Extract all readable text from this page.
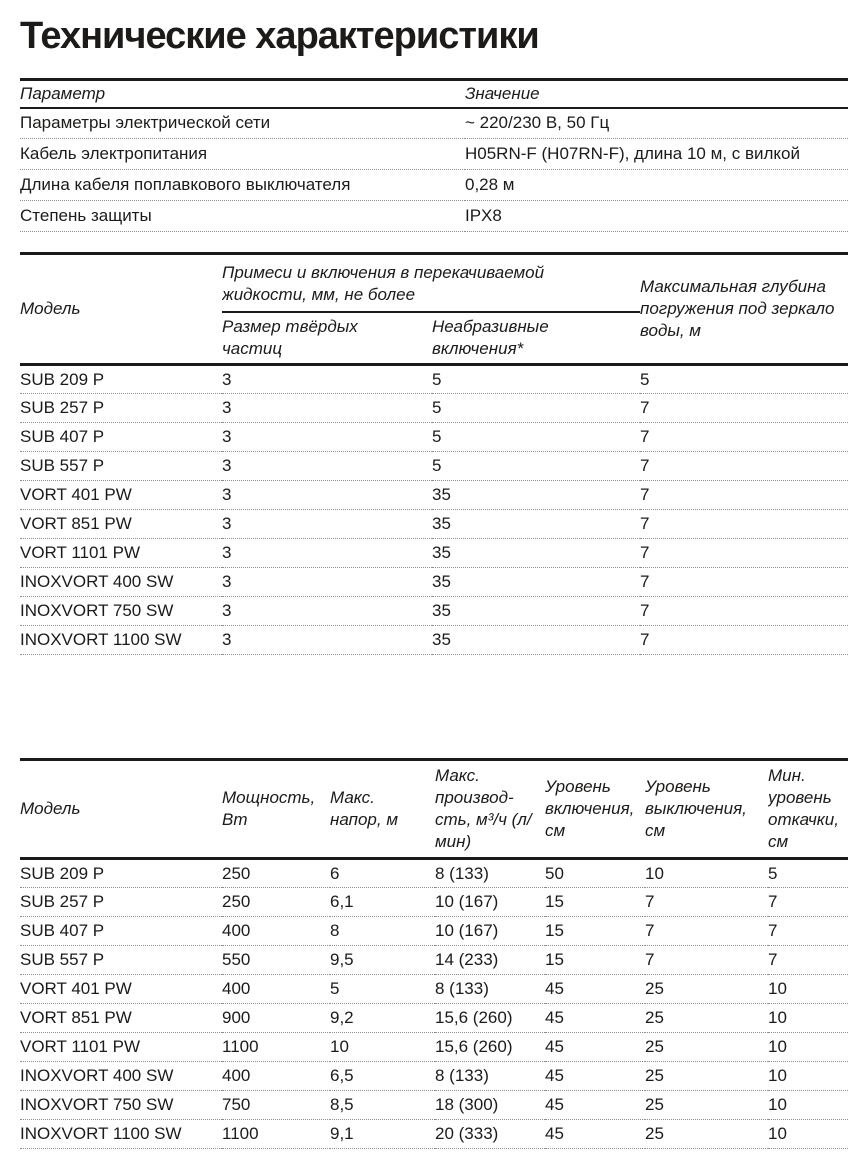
Технические характеристики
Параметр	Значение
Параметры электрической сети	~ 220/230 В, 50 Гц
Кабель электропитания	H05RN-F (H07RN-F), длина 10 м, с вилкой
Длина кабеля поплавкового выключателя	0,28 м
Степень защиты	IPX8
Модель	Примеси и включения в перекачиваемой жидкости, мм, не более		Максимальная глубина погружения под зеркало воды, м
	Размер твёрдых частиц	Неабразивные включения*	
SUB 209 P	3	5	5
SUB 257 P	3	5	7
SUB 407 P	3	5	7
SUB 557 P	3	5	7
VORT 401 PW	3	35	7
VORT 851 PW	3	35	7
VORT 1101 PW	3	35	7
INOXVORT 400 SW	3	35	7
INOXVORT 750 SW	3	35	7
INOXVORT 1100 SW	3	35	7
Модель	Мощность, Вт	Макс. напор, м	Макс. производ-сть, м³/ч (л/мин)	Уровень включения, см	Уровень выключения, см	Мин. уровень откачки, см
SUB 209 P	250	6	8 (133)	50	10	5
SUB 257 P	250	6,1	10 (167)	15	7	7
SUB 407 P	400	8	10 (167)	15	7	7
SUB 557 P	550	9,5	14 (233)	15	7	7
VORT 401 PW	400	5	8 (133)	45	25	10
VORT 851 PW	900	9,2	15,6 (260)	45	25	10
VORT 1101 PW	1100	10	15,6 (260)	45	25	10
INOXVORT 400 SW	400	6,5	8 (133)	45	25	10
INOXVORT 750 SW	750	8,5	18 (300)	45	25	10
INOXVORT 1100 SW	1100	9,1	20 (333)	45	25	10
